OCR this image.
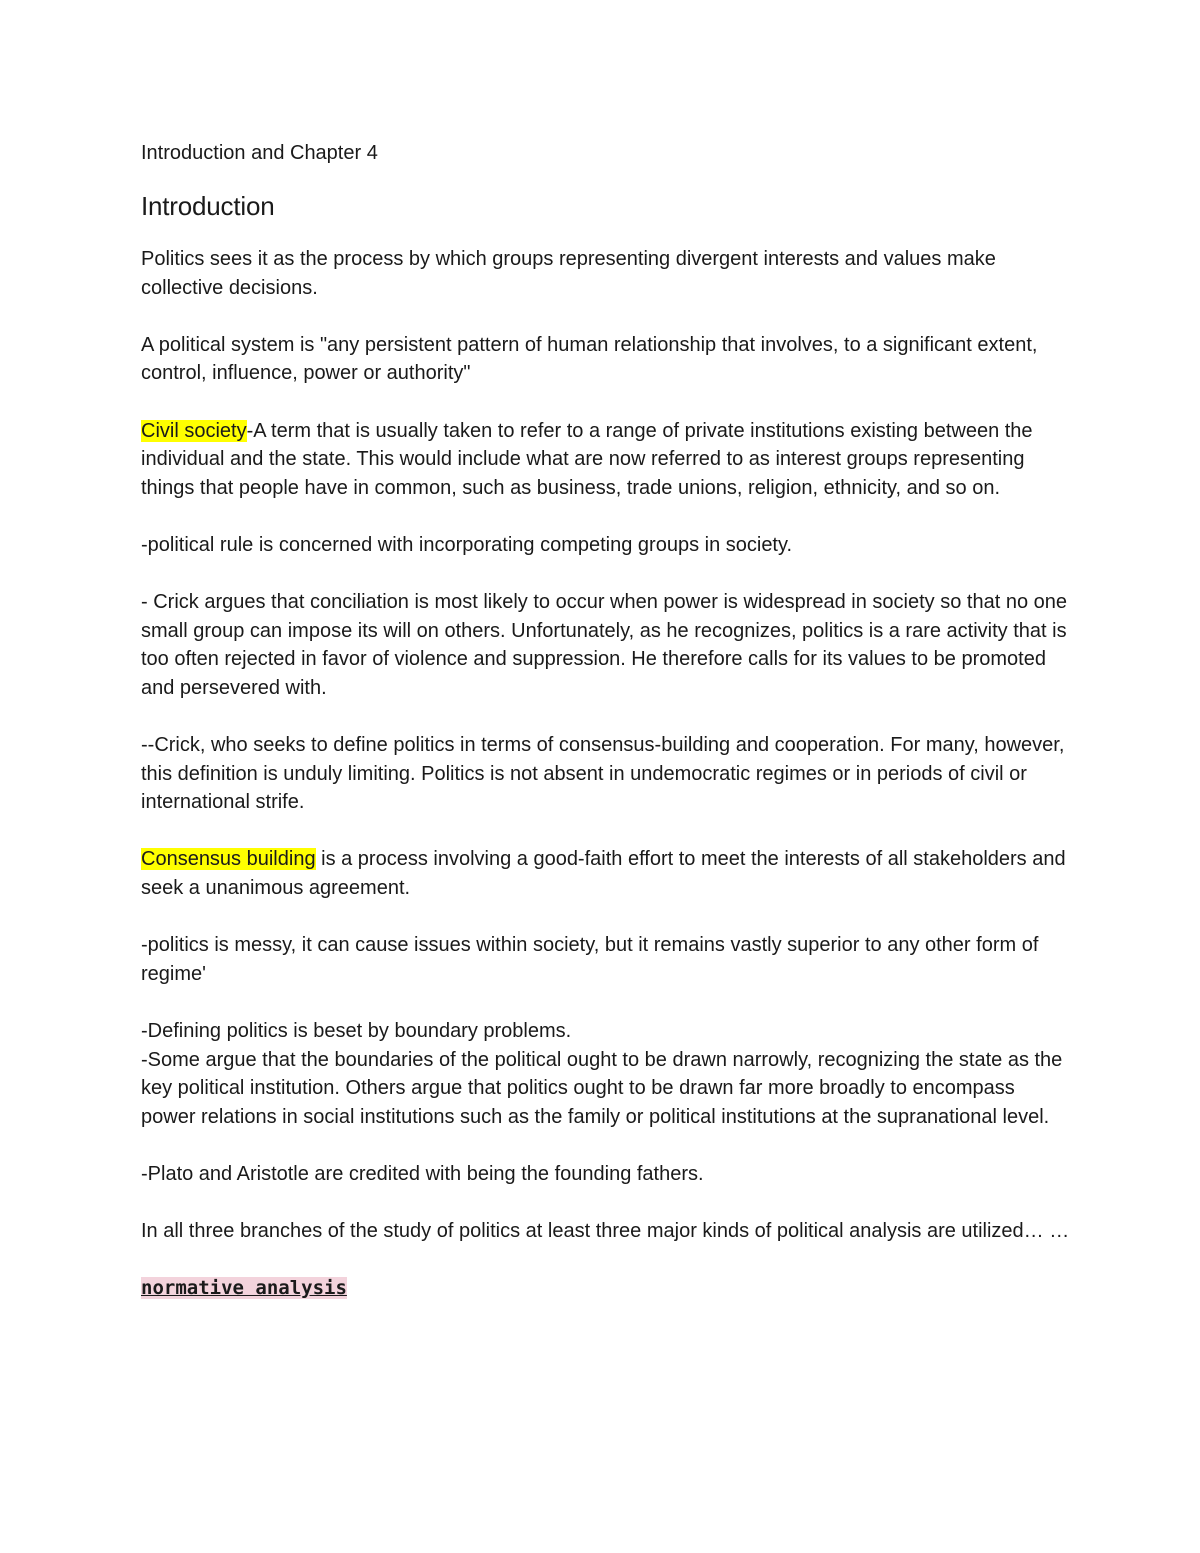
Introduction and Chapter 4
Introduction

Politics sees it as the process by which groups representing divergent interests and values make collective decisions.

A political system is "any persistent pattern of human relationship that involves, to a significant extent, control, influence, power or authority"

Civil society-A term that is usually taken to refer to a range of private institutions existing between the individual and the state. This would include what are now referred to as interest groups representing things that people have in common, such as business, trade unions, religion, ethnicity, and so on.

-political rule is concerned with incorporating competing groups in society.

- Crick argues that conciliation is most likely to occur when power is widespread in society so that no one small group can impose its will on others. Unfortunately, as he recognizes, politics is a rare activity that is too often rejected in favor of violence and suppression. He therefore calls for its values to be promoted and persevered with.

--Crick, who seeks to define politics in terms of consensus-building and cooperation. For many, however, this definition is unduly limiting. Politics is not absent in undemocratic regimes or in periods of civil or international strife.

Consensus building is a process involving a good-faith effort to meet the interests of all stakeholders and seek a unanimous agreement.

-politics is messy, it can cause issues within society, but it remains vastly superior to any other form of regime'

-Defining politics is beset by boundary problems.

-Some argue that the boundaries of the political ought to be drawn narrowly, recognizing the state as the key political institution. Others argue that politics ought to be drawn far more broadly to encompass power relations in social institutions such as the family or political institutions at the supranational level.

-Plato and Aristotle are credited with being the founding fathers.

In all three branches of the study of politics at least three major kinds of political analysis are utilized… …

normative analysis
